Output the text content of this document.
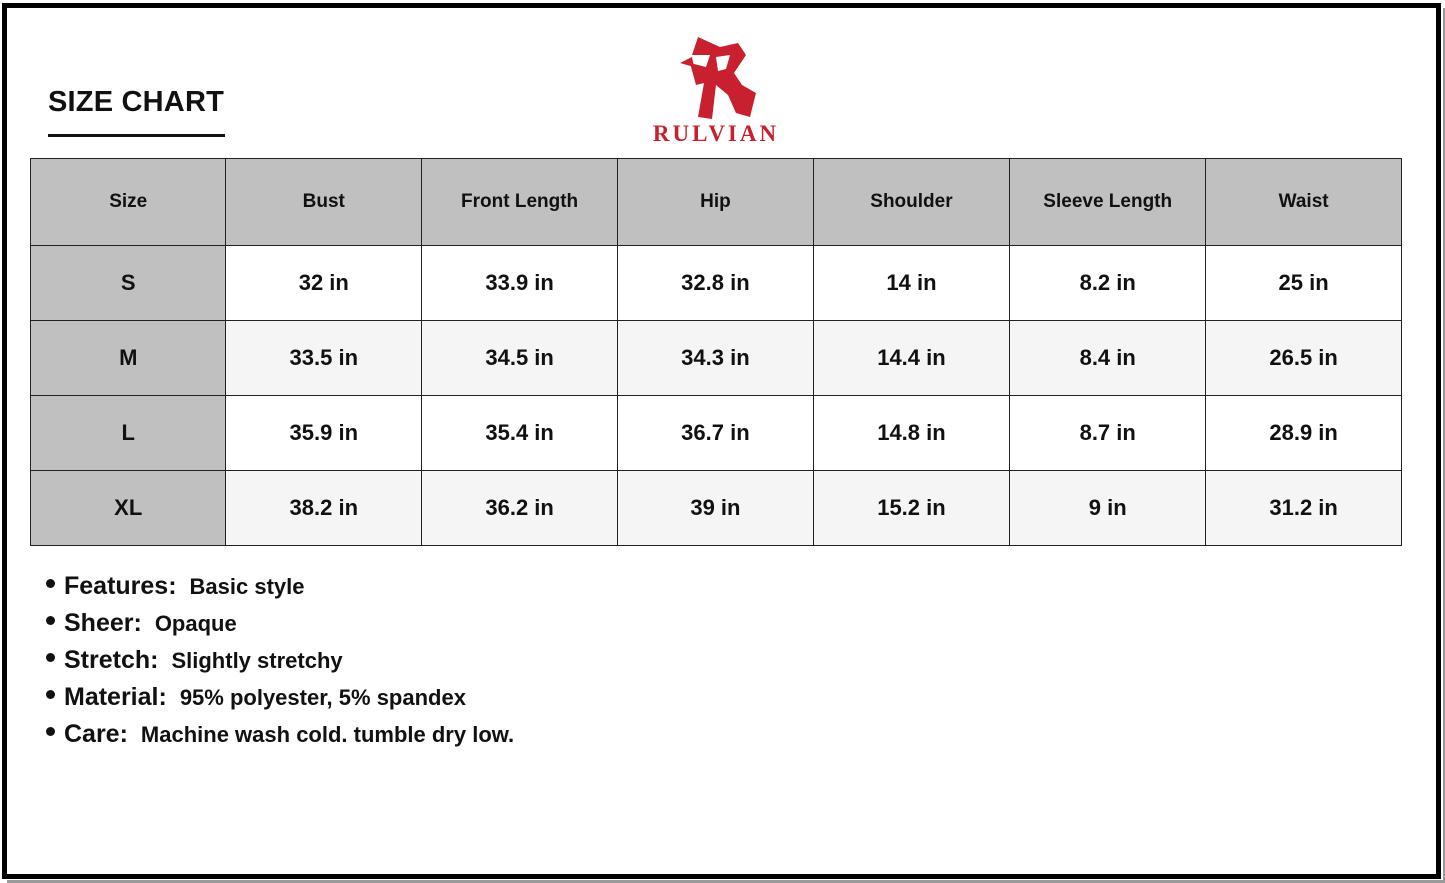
SIZE CHART
RULVIAN
Size	Bust	Front Length	Hip	Shoulder	Sleeve Length	Waist
S	32 in	33.9 in	32.8 in	14 in	8.2 in	25 in
M	33.5 in	34.5 in	34.3 in	14.4 in	8.4 in	26.5 in
L	35.9 in	35.4 in	36.7 in	14.8 in	8.7 in	28.9 in
XL	38.2 in	36.2 in	39 in	15.2 in	9 in	31.2 in
Features: Basic style
Sheer: Opaque
Stretch: Slightly stretchy
Material: 95% polyester, 5% spandex
Care: Machine wash cold. tumble dry low.
